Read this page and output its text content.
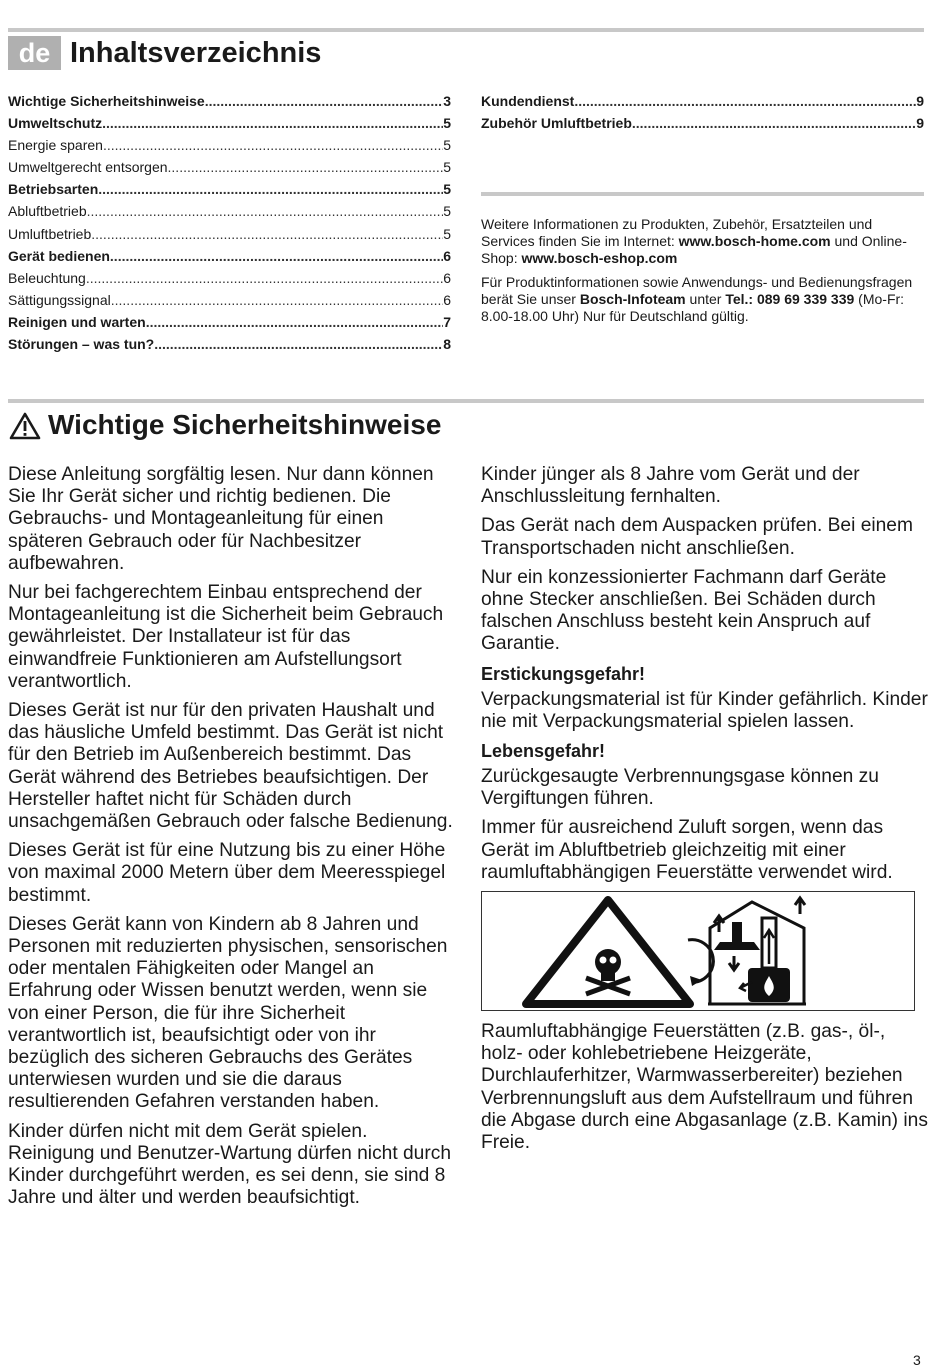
de Inhaltsverzeichnis
Wichtige Sicherheitshinweise .....	3
Umweltschutz .....	5
Energie sparen .....	5
Umweltgerecht entsorgen .....	5
Betriebsarten .....	5
Abluftbetrieb .....	5
Umluftbetrieb .....	5
Gerät bedienen .....	6
Beleuchtung .....	6
Sättigungssignal .....	6
Reinigen und warten .....	7
Störungen – was tun? .....	8
Kundendienst .....	9
Zubehör Umluftbetrieb .....	9

Weitere Informationen zu Produkten, Zubehör, Ersatzteilen und Services finden Sie im Internet: www.bosch-home.com und Online-Shop: www.bosch-eshop.com

Für Produktinformationen sowie Anwendungs- und Bedienungsfragen berät Sie unser Bosch-Infoteam unter Tel.: 089 69 339 339 (Mo-Fr: 8.00-18.00 Uhr) Nur für Deutschland gültig.

Wichtige Sicherheitshinweise

Diese Anleitung sorgfältig lesen. Nur dann können Sie Ihr Gerät sicher und richtig bedienen. Die Gebrauchs- und Montageanleitung für einen späteren Gebrauch oder für Nachbesitzer aufbewahren.

Nur bei fachgerechtem Einbau entsprechend der Montageanleitung ist die Sicherheit beim Gebrauch gewährleistet. Der Installateur ist für das einwandfreie Funktionieren am Aufstellungsort verantwortlich.

Dieses Gerät ist nur für den privaten Haushalt und das häusliche Umfeld bestimmt. Das Gerät ist nicht für den Betrieb im Außenbereich bestimmt. Das Gerät während des Betriebes beaufsichtigen. Der Hersteller haftet nicht für Schäden durch unsachgemäßen Gebrauch oder falsche Bedienung.

Dieses Gerät ist für eine Nutzung bis zu einer Höhe von maximal 2000 Metern über dem Meeresspiegel bestimmt.

Dieses Gerät kann von Kindern ab 8 Jahren und Personen mit reduzierten physischen, sensorischen oder mentalen Fähigkeiten oder Mangel an Erfahrung oder Wissen benutzt werden, wenn sie von einer Person, die für ihre Sicherheit verantwortlich ist, beaufsichtigt oder von ihr bezüglich des sicheren Gebrauchs des Gerätes unterwiesen wurden und sie die daraus resultierenden Gefahren verstanden haben.

Kinder dürfen nicht mit dem Gerät spielen. Reinigung und Benutzer-Wartung dürfen nicht durch Kinder durchgeführt werden, es sei denn, sie sind 8 Jahre und älter und werden beaufsichtigt.

Kinder jünger als 8 Jahre vom Gerät und der Anschlussleitung fernhalten.

Das Gerät nach dem Auspacken prüfen. Bei einem Transportschaden nicht anschließen.

Nur ein konzessionierter Fachmann darf Geräte ohne Stecker anschließen. Bei Schäden durch falschen Anschluss besteht kein Anspruch auf Garantie.

Erstickungsgefahr!

Verpackungsmaterial ist für Kinder gefährlich. Kinder nie mit Verpackungsmaterial spielen lassen.

Lebensgefahr!

Zurückgesaugte Verbrennungsgase können zu Vergiftungen führen.

Immer für ausreichend Zuluft sorgen, wenn das Gerät im Abluftbetrieb gleichzeitig mit einer raumluftabhängigen Feuerstätte verwendet wird.

Raumluftabhängige Feuerstätten (z.B. gas-, öl-, holz- oder kohlebetriebene Heizgeräte, Durchlauferhitzer, Warmwasserbereiter) beziehen Verbrennungsluft aus dem Aufstellraum und führen die Abgase durch eine Abgasanlage (z.B. Kamin) ins Freie.

3
